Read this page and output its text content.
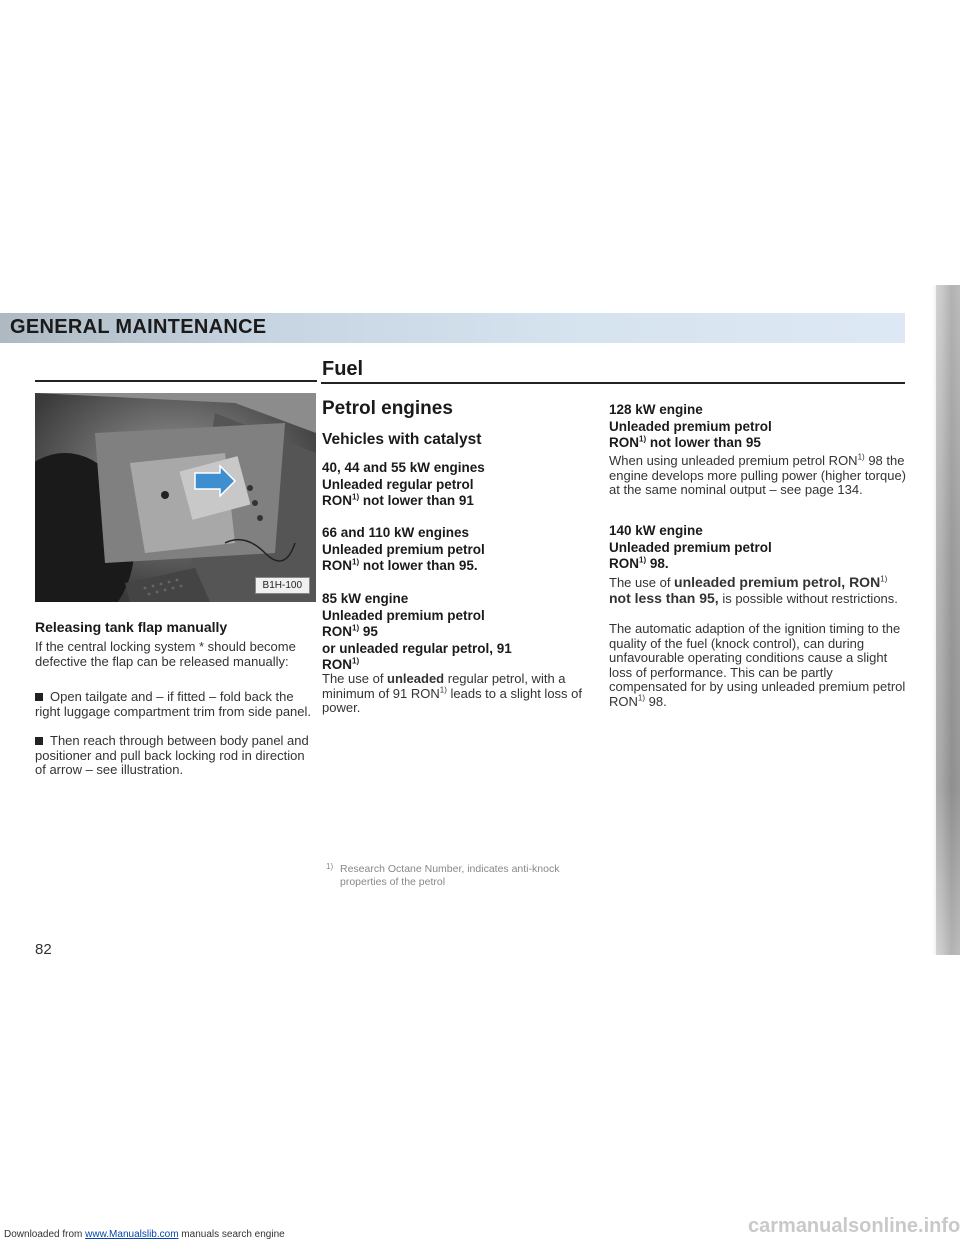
GENERAL MAINTENANCE
Fuel
B1H-100
Releasing tank flap manually
If the central locking system * should become defective the flap can be released manually:
Open tailgate and – if fitted – fold back the right luggage compartment trim from side panel.
Then reach through between body panel and positioner and pull back locking rod in direction of arrow – see illustration.
Petrol engines
Vehicles with catalyst
40, 44 and 55 kW engines
Unleaded regular petrol
RON$^{1)}$ not lower than 91
66 and 110 kW engines
Unleaded premium petrol
RON$^{1)}$ not lower than 95.
85 kW engine
Unleaded premium petrol
RON$^{1)}$ 95
or unleaded regular petrol, 91
RON$^{1)}$
The use of unleaded regular petrol, with a minimum of 91 RON$^{1)}$ leads to a slight loss of power.
1) Research Octane Number, indicates anti-knock properties of the petrol
128 kW engine
Unleaded premium petrol
RON$^{1)}$ not lower than 95
When using unleaded premium petrol RON$^{1)}$ 98 the engine develops more pulling power (higher torque) at the same nominal output – see page 134.
140 kW engine
Unleaded premium petrol
RON$^{1)}$ 98.
The use of unleaded premium petrol, RON$^{1)}$ not less than 95, is possible without restrictions.
The automatic adaption of the ignition timing to the quality of the fuel (knock control), can during unfavourable operating conditions cause a slight loss of performance. This can be partly compensated for by using unleaded premium petrol RON$^{1)}$ 98.
82
Downloaded from www.Manualslib.com manuals search engine	carmanualsonline.info
